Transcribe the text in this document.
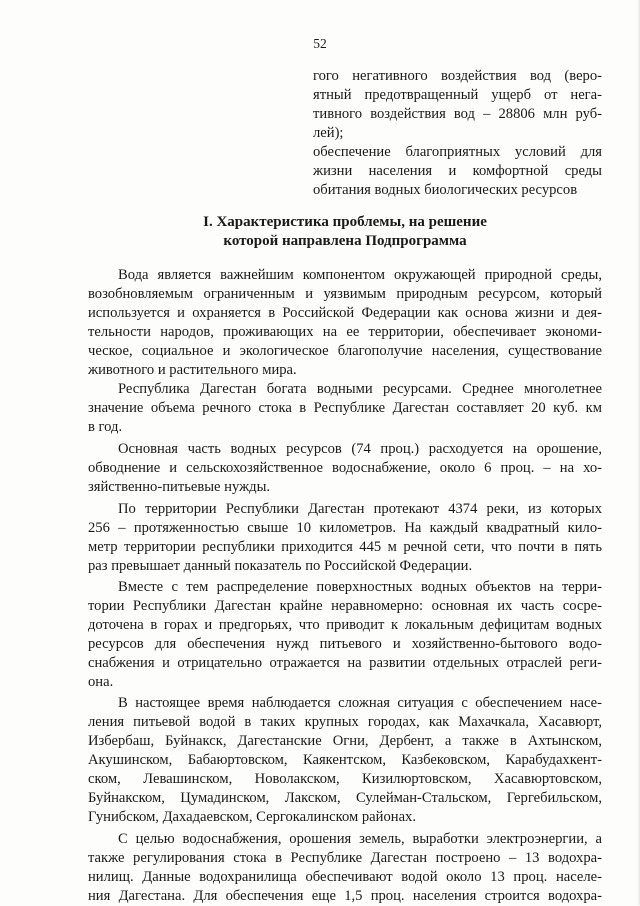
52
гого негативного воздействия вод (веро-
ятный предотвращенный ущерб от нега-
тивного воздействия вод – 28806 млн руб-
лей);
обеспечение благоприятных условий для
жизни населения и комфортной среды
обитания водных биологических ресурсов
I. Характеристика проблемы, на решение
которой направлена Подпрограмма
Вода является важнейшим компонентом окружающей природной среды,
возобновляемым ограниченным и уязвимым природным ресурсом, который
используется и охраняется в Российской Федерации как основа жизни и дея-
тельности народов, проживающих на ее территории, обеспечивает экономи-
ческое, социальное и экологическое благополучие населения, существование
животного и растительного мира.
Республика Дагестан богата водными ресурсами. Среднее многолетнее
значение объема речного стока в Республике Дагестан составляет 20 куб. км
в год.
Основная часть водных ресурсов (74 проц.) расходуется на орошение,
обводнение и сельскохозяйственное водоснабжение, около 6 проц. – на хо-
зяйственно-питьевые нужды.
По территории Республики Дагестан протекают 4374 реки, из которых
256 – протяженностью свыше 10 километров. На каждый квадратный кило-
метр территории республики приходится 445 м речной сети, что почти в пять
раз превышает данный показатель по Российской Федерации.
Вместе с тем распределение поверхностных водных объектов на терри-
тории Республики Дагестан крайне неравномерно: основная их часть сосре-
доточена в горах и предгорьях, что приводит к локальным дефицитам водных
ресурсов для обеспечения нужд питьевого и хозяйственно-бытового водо-
снабжения и отрицательно отражается на развитии отдельных отраслей реги-
она.
В настоящее время наблюдается сложная ситуация с обеспечением насе-
ления питьевой водой в таких крупных городах, как Махачкала, Хасавюрт,
Избербаш, Буйнакск, Дагестанские Огни, Дербент, а также в Ахтынском,
Акушинском, Бабаюртовском, Каякентском, Казбековском, Карабудахкент-
ском, Левашинском, Новолакском, Кизилюртовском, Хасавюртовском,
Буйнакском, Цумадинском, Лакском, Сулейман-Стальском, Гергебильском,
Гунибском, Дахадаевском, Сергокалинском районах.
С целью водоснабжения, орошения земель, выработки электроэнергии, а
также регулирования стока в Республике Дагестан построено – 13 водохра-
нилищ. Данные водохранилища обеспечивают водой около 13 проц. населе-
ния Дагестана. Для обеспечения еще 1,5 проц. населения строится водохра-
